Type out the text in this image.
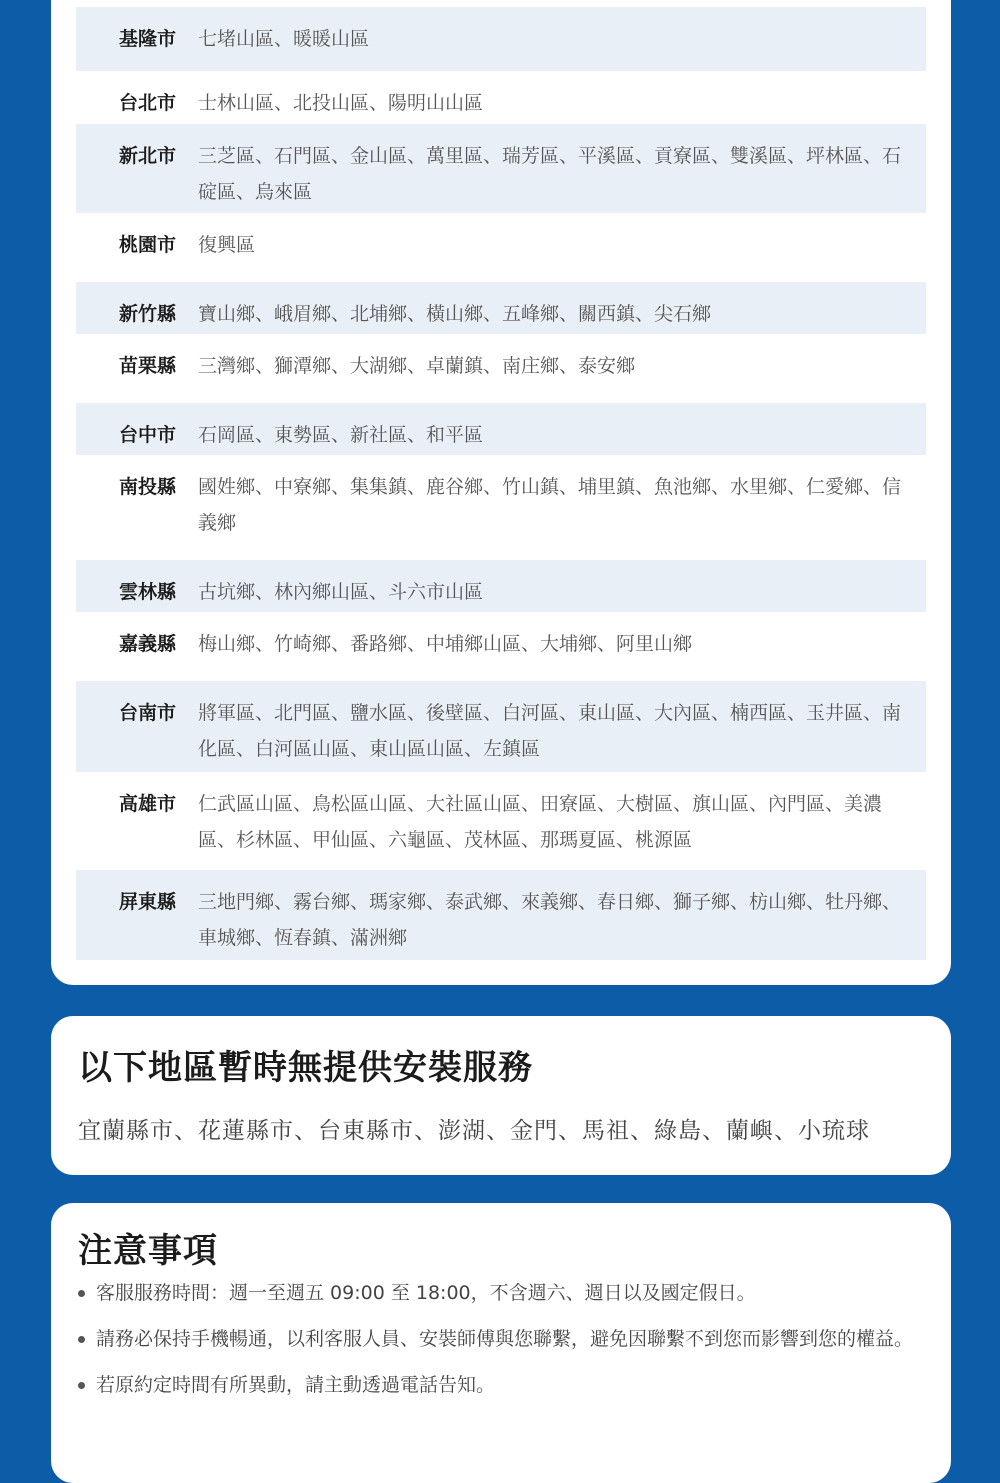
基隆市	七堵山區、暖暖山區
台北市	士林山區、北投山區、陽明山山區
新北市	三芝區、石門區、金山區、萬里區、瑞芳區、平溪區、貢寮區、雙溪區、坪林區、石碇區、烏來區
桃園市	復興區
新竹縣	寶山鄉、峨眉鄉、北埔鄉、橫山鄉、五峰鄉、關西鎮、尖石鄉
苗栗縣	三灣鄉、獅潭鄉、大湖鄉、卓蘭鎮、南庄鄉、泰安鄉
台中市	石岡區、東勢區、新社區、和平區
南投縣	國姓鄉、中寮鄉、集集鎮、鹿谷鄉、竹山鎮、埔里鎮、魚池鄉、水里鄉、仁愛鄉、信義鄉
雲林縣	古坑鄉、林內鄉山區、斗六市山區
嘉義縣	梅山鄉、竹崎鄉、番路鄉、中埔鄉山區、大埔鄉、阿里山鄉
台南市	將軍區、北門區、鹽水區、後壁區、白河區、東山區、大內區、楠西區、玉井區、南化區、白河區山區、東山區山區、左鎮區
高雄市	仁武區山區、鳥松區山區、大社區山區、田寮區、大樹區、旗山區、內門區、美濃區、杉林區、甲仙區、六龜區、茂林區、那瑪夏區、桃源區
屏東縣	三地門鄉、霧台鄉、瑪家鄉、泰武鄉、來義鄉、春日鄉、獅子鄉、枋山鄉、牡丹鄉、車城鄉、恆春鎮、滿洲鄉
以下地區暫時無提供安裝服務
宜蘭縣市、花蓮縣市、台東縣市、澎湖、金門、馬祖、綠島、蘭嶼、小琉球
注意事項
客服服務時間：週一至週五 09:00 至 18:00，不含週六、週日以及國定假日。
請務必保持手機暢通，以利客服人員、安裝師傅與您聯繫，避免因聯繫不到您而影響到您的權益。
若原約定時間有所異動，請主動透過電話告知。
